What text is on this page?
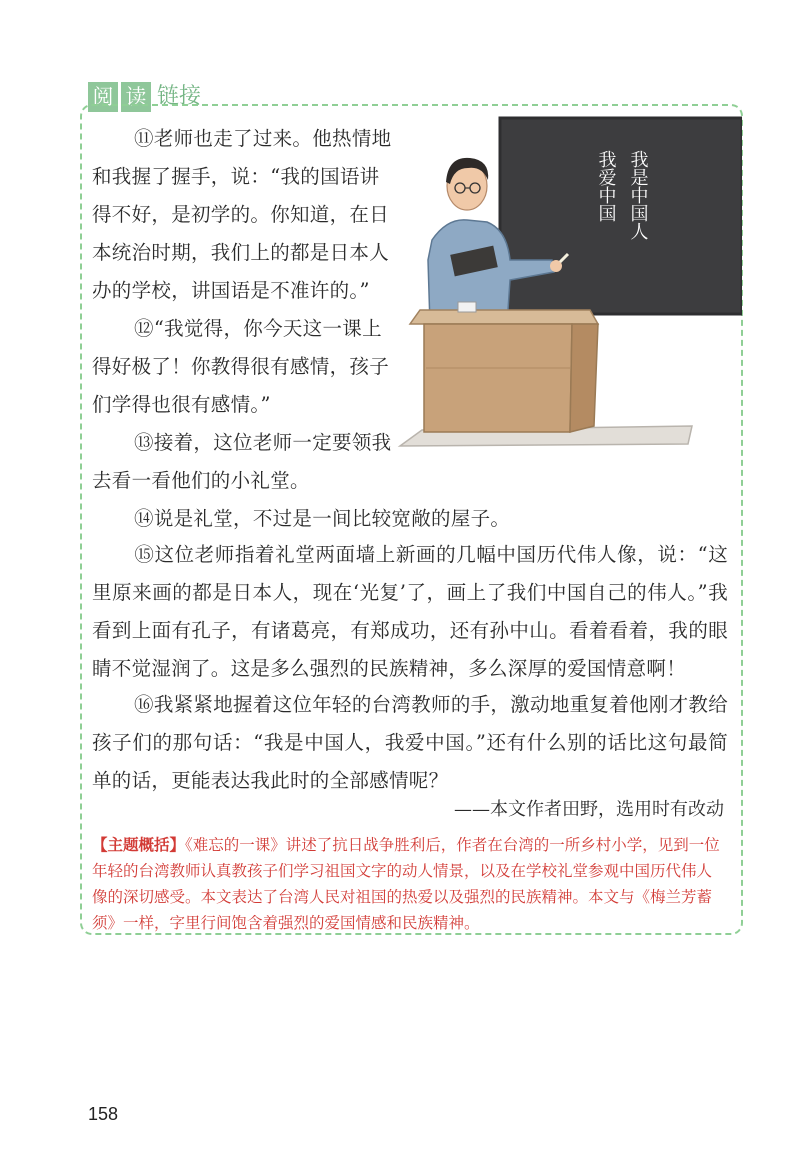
阅 读 链接
我是中国人
我爱中国

⑪老师也走了过来。他热情地和我握了握手，说：“我的国语讲得不好，是初学的。你知道，在日本统治时期，我们上的都是日本人办的学校，讲国语是不准许的。”

⑫“我觉得，你今天这一课上得好极了！你教得很有感情，孩子们学得也很有感情。”

⑬接着，这位老师一定要领我去看一看他们的小礼堂。

⑭说是礼堂，不过是一间比较宽敞的屋子。

⑮这位老师指着礼堂两面墙上新画的几幅中国历代伟人像，说：“这里原来画的都是日本人，现在‘光复’了，画上了我们中国自己的伟人。”我看到上面有孔子，有诸葛亮，有郑成功，还有孙中山。看着看着，我的眼睛不觉湿润了。这是多么强烈的民族精神，多么深厚的爱国情意啊！

⑯我紧紧地握着这位年轻的台湾教师的手，激动地重复着他刚才教给孩子们的那句话：“我是中国人，我爱中国。”还有什么别的话比这句最简单的话，更能表达我此时的全部感情呢？

——本文作者田野，选用时有改动

【主题概括】《难忘的一课》讲述了抗日战争胜利后，作者在台湾的一所乡村小学，见到一位年轻的台湾教师认真教孩子们学习祖国文字的动人情景，以及在学校礼堂参观中国历代伟人像的深切感受。本文表达了台湾人民对祖国的热爱以及强烈的民族精神。本文与《梅兰芳蓄须》一样，字里行间饱含着强烈的爱国情感和民族精神。

158
